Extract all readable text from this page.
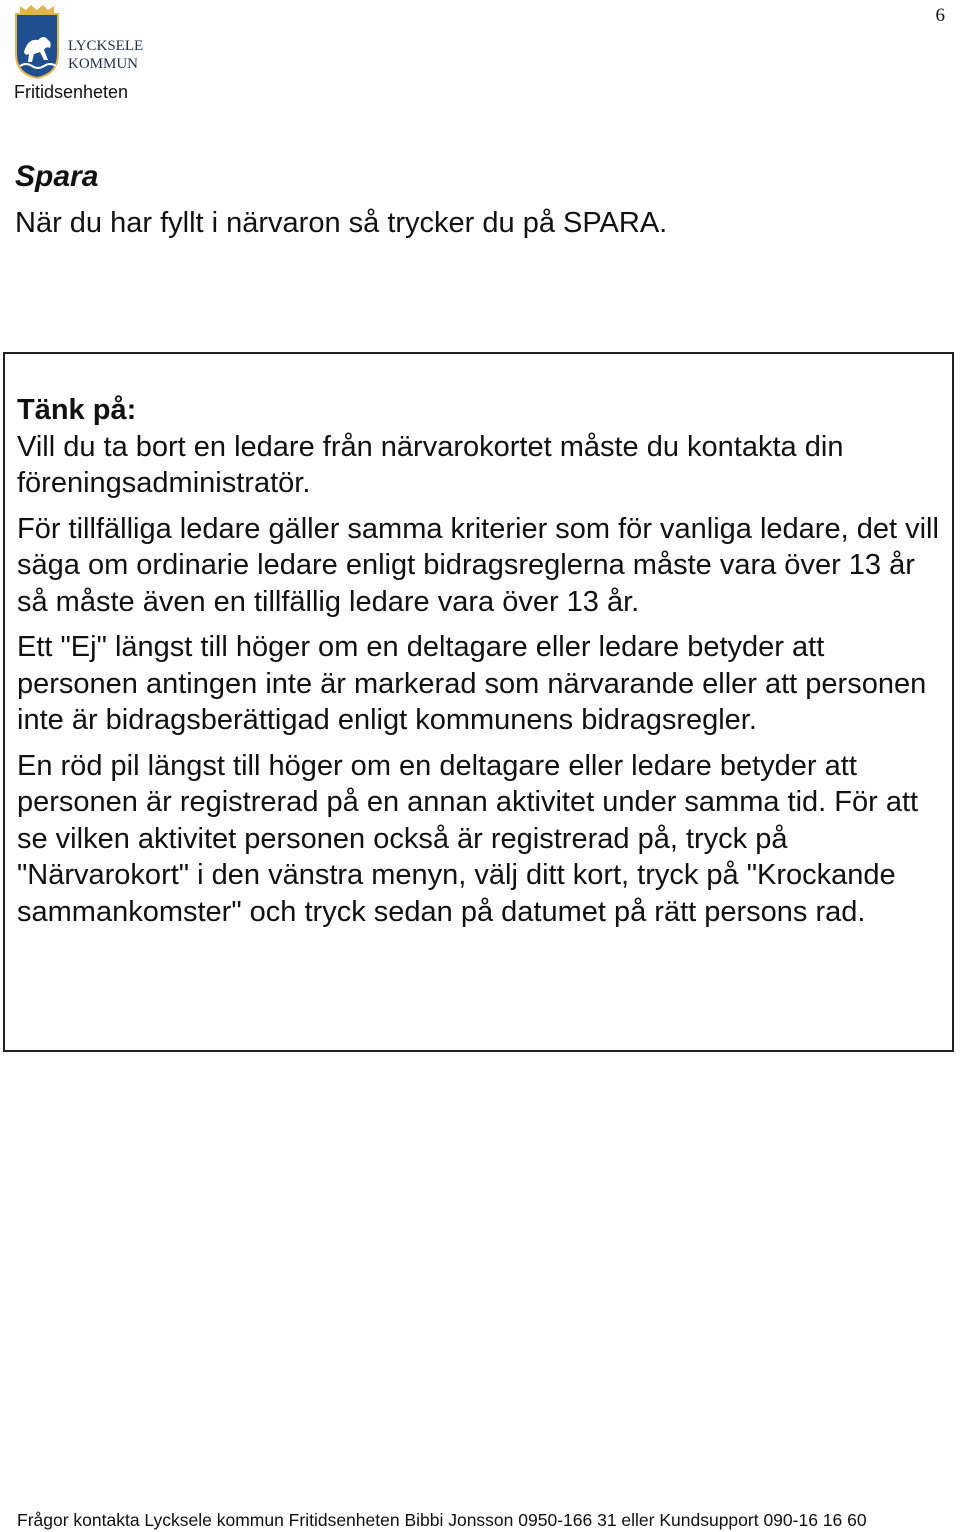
LYCKSELE
KOMMUN
Fritidsenheten
6
Spara

När du har fyllt i närvaron så trycker du på SPARA.

Tänk på:

Vill du ta bort en ledare från närvarokortet måste du kontakta din föreningsadministratör.

För tillfälliga ledare gäller samma kriterier som för vanliga ledare, det vill säga om ordinarie ledare enligt bidragsreglerna måste vara över 13 år så måste även en tillfällig ledare vara över 13 år.

Ett "Ej" längst till höger om en deltagare eller ledare betyder att personen antingen inte är markerad som närvarande eller att personen inte är bidragsberättigad enligt kommunens bidragsregler.

En röd pil längst till höger om en deltagare eller ledare betyder att personen är registrerad på en annan aktivitet under samma tid. För att se vilken aktivitet personen också är registrerad på, tryck på "Närvarokort" i den vänstra menyn, välj ditt kort, tryck på "Krockande sammankomster" och tryck sedan på datumet på rätt persons rad.

Frågor kontakta Lycksele kommun Fritidsenheten Bibbi Jonsson 0950-166 31 eller Kundsupport 090-16 16 60
